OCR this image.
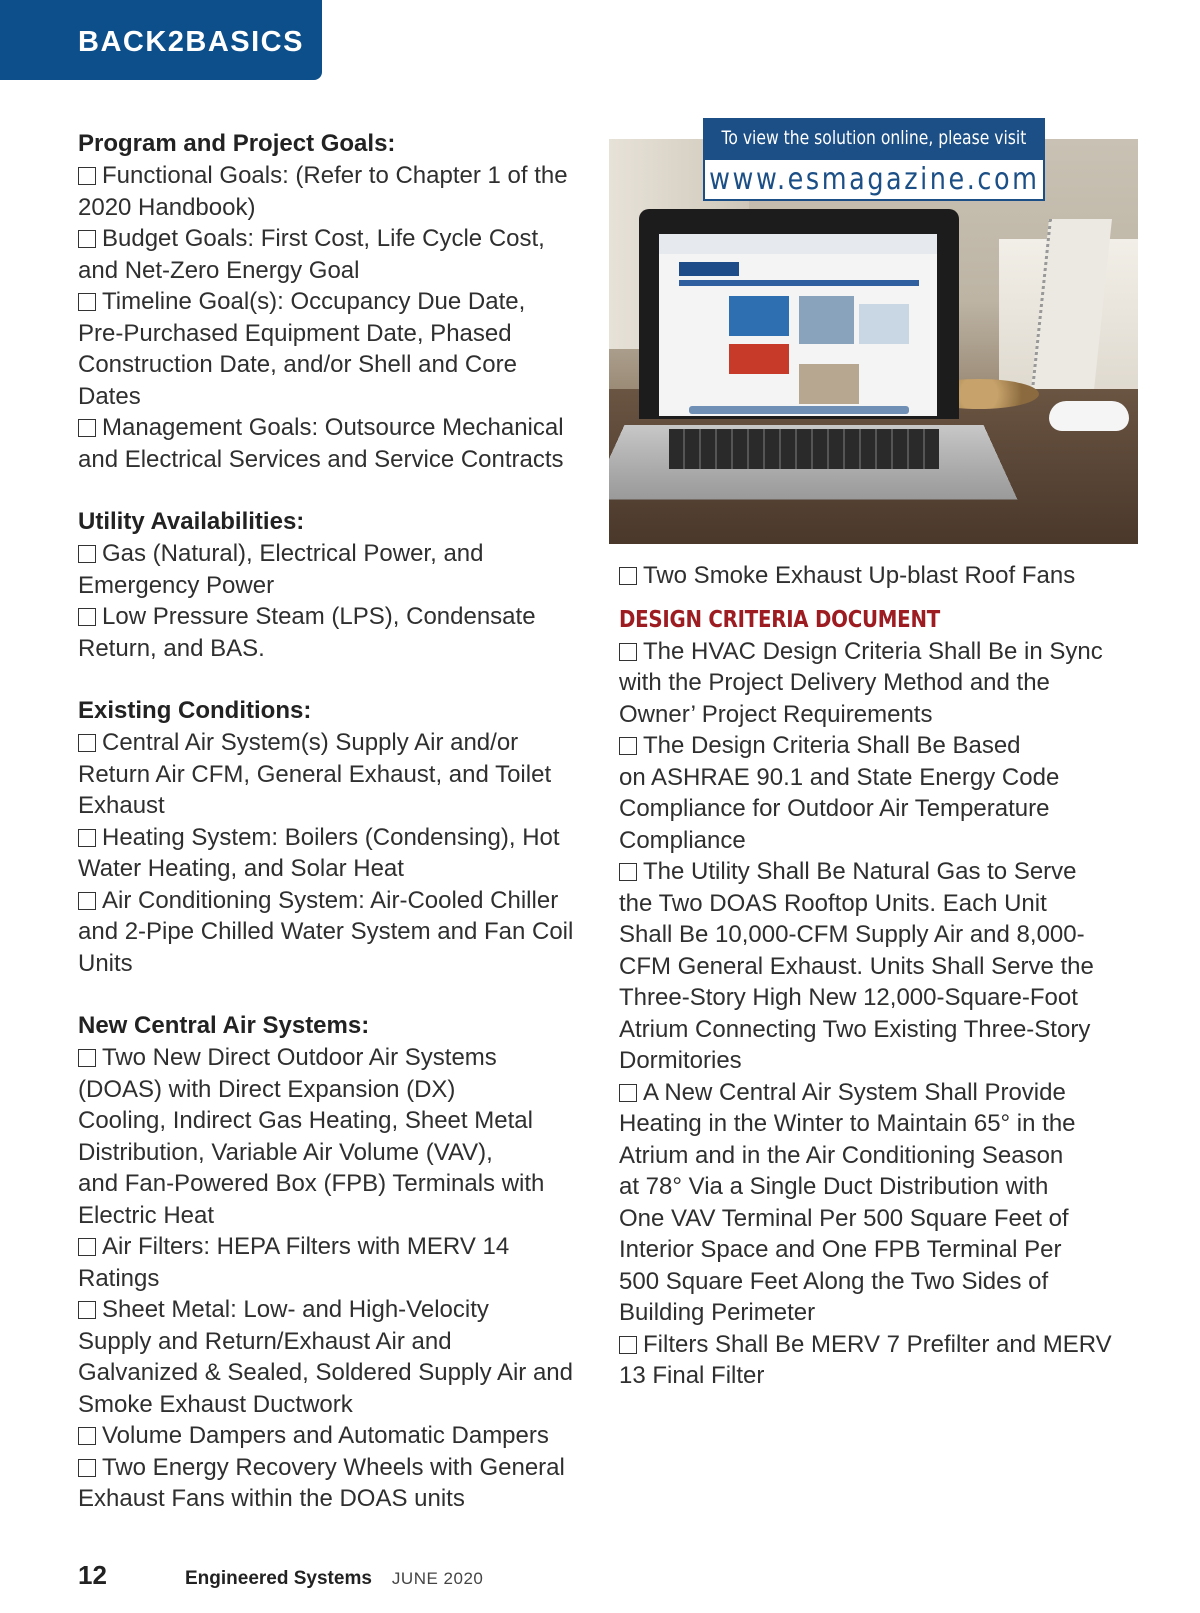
BACK2BASICS
To view the solution online, please visit
www.esmagazine.com
Program and Project Goals:
Functional Goals: (Refer to Chapter 1 of the
2020 Handbook)
Budget Goals: First Cost, Life Cycle Cost,
and Net-Zero Energy Goal
Timeline Goal(s): Occupancy Due Date,
Pre-Purchased Equipment Date, Phased
Construction Date, and/or Shell and Core
Dates
Management Goals: Outsource Mechanical
and Electrical Services and Service Contracts
Utility Availabilities:
Gas (Natural), Electrical Power, and
Emergency Power
Low Pressure Steam (LPS), Condensate
Return, and BAS.
Existing Conditions:
Central Air System(s) Supply Air and/or
Return Air CFM, General Exhaust, and Toilet
Exhaust
Heating System: Boilers (Condensing), Hot
Water Heating, and Solar Heat
Air Conditioning System: Air-Cooled Chiller
and 2-Pipe Chilled Water System and Fan Coil
Units
New Central Air Systems:
Two New Direct Outdoor Air Systems
(DOAS) with Direct Expansion (DX)
Cooling, Indirect Gas Heating, Sheet Metal
Distribution, Variable Air Volume (VAV),
and Fan-Powered Box (FPB) Terminals with
Electric Heat
Air Filters: HEPA Filters with MERV 14
Ratings
Sheet Metal: Low- and High-Velocity
Supply and Return/Exhaust Air and
Galvanized & Sealed, Soldered Supply Air and
Smoke Exhaust Ductwork
Volume Dampers and Automatic Dampers
Two Energy Recovery Wheels with General
Exhaust Fans within the DOAS units
Two Smoke Exhaust Up-blast Roof Fans
DESIGN CRITERIA DOCUMENT
The HVAC Design Criteria Shall Be in Sync
with the Project Delivery Method and the
Owner’ Project Requirements
The Design Criteria Shall Be Based
on ASHRAE 90.1 and State Energy Code
Compliance for Outdoor Air Temperature
Compliance
The Utility Shall Be Natural Gas to Serve
the Two DOAS Rooftop Units. Each Unit
Shall Be 10,000-CFM Supply Air and 8,000-
CFM General Exhaust. Units Shall Serve the
Three-Story High New 12,000-Square-Foot
Atrium Connecting Two Existing Three-Story
Dormitories
A New Central Air System Shall Provide
Heating in the Winter to Maintain 65° in the
Atrium and in the Air Conditioning Season
at 78° Via a Single Duct Distribution with
One VAV Terminal Per 500 Square Feet of
Interior Space and One FPB Terminal Per
500 Square Feet Along the Two Sides of
Building Perimeter
Filters Shall Be MERV 7 Prefilter and MERV
13 Final Filter
12	Engineered Systems JUNE 2020
